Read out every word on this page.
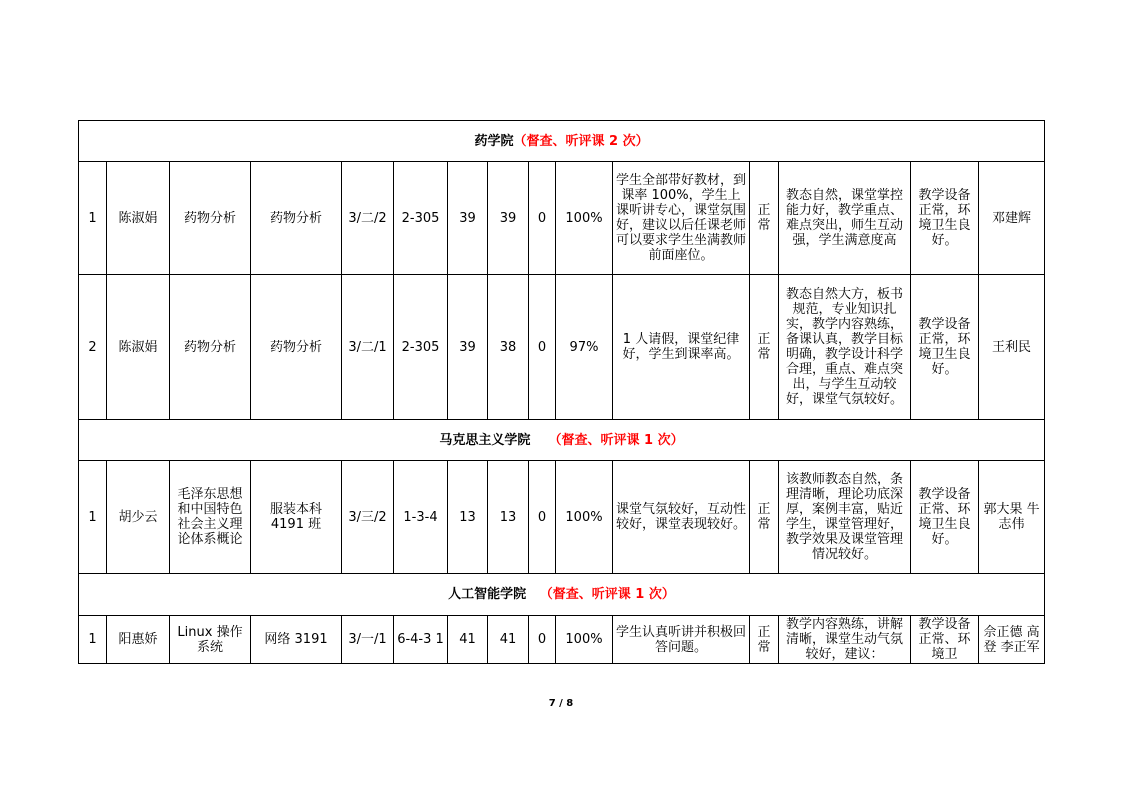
药学院（督查、听评课 2 次）														
1	陈淑娟	药物分析	药物分析	3/二/2	2-305	39	39	0	100%	学生全部带好教材，到课率 100%，学生上课听讲专心，课堂氛围好，建议以后任课老师可以要求学生坐满教师前面座位。	正常	教态自然，课堂掌控能力好，教学重点、难点突出，师生互动强，学生满意度高	教学设备正常，环境卫生良好。	邓建辉
2	陈淑娟	药物分析	药物分析	3/二/1	2-305	39	38	0	97%	1 人请假，课堂纪律好，学生到课率高。	正常	教态自然大方，板书规范，专业知识扎实，教学内容熟练，备课认真，教学目标明确，教学设计科学合理，重点、难点突出，与学生互动较好，课堂气氛较好。	教学设备正常，环境卫生良好。	王利民
马克思主义学院 （督查、听评课 1 次）														
1	胡少云	毛泽东思想和中国特色社会主义理论体系概论	服装本科 4191 班	3/三/2	1-3-4	13	13	0	100%	课堂气氛较好，互动性较好，课堂表现较好。	正常	该教师教态自然，条理清晰，理论功底深厚，案例丰富，贴近学生，课堂管理好，教学效果及课堂管理情况较好。	教学设备正常、环境卫生良好。	郭大果 牛志伟
人工智能学院 （督查、听评课 1 次）														
1	阳惠娇	Linux 操作系统	网络 3191	3/一/1	6-4-3 1	41	41	0	100%	学生认真听讲并积极回答问题。	正常	教学内容熟练，讲解清晰，课堂生动气氛较好，建议：	教学设备正常、环境卫	佘正德 高登 李正军
7 / 8
